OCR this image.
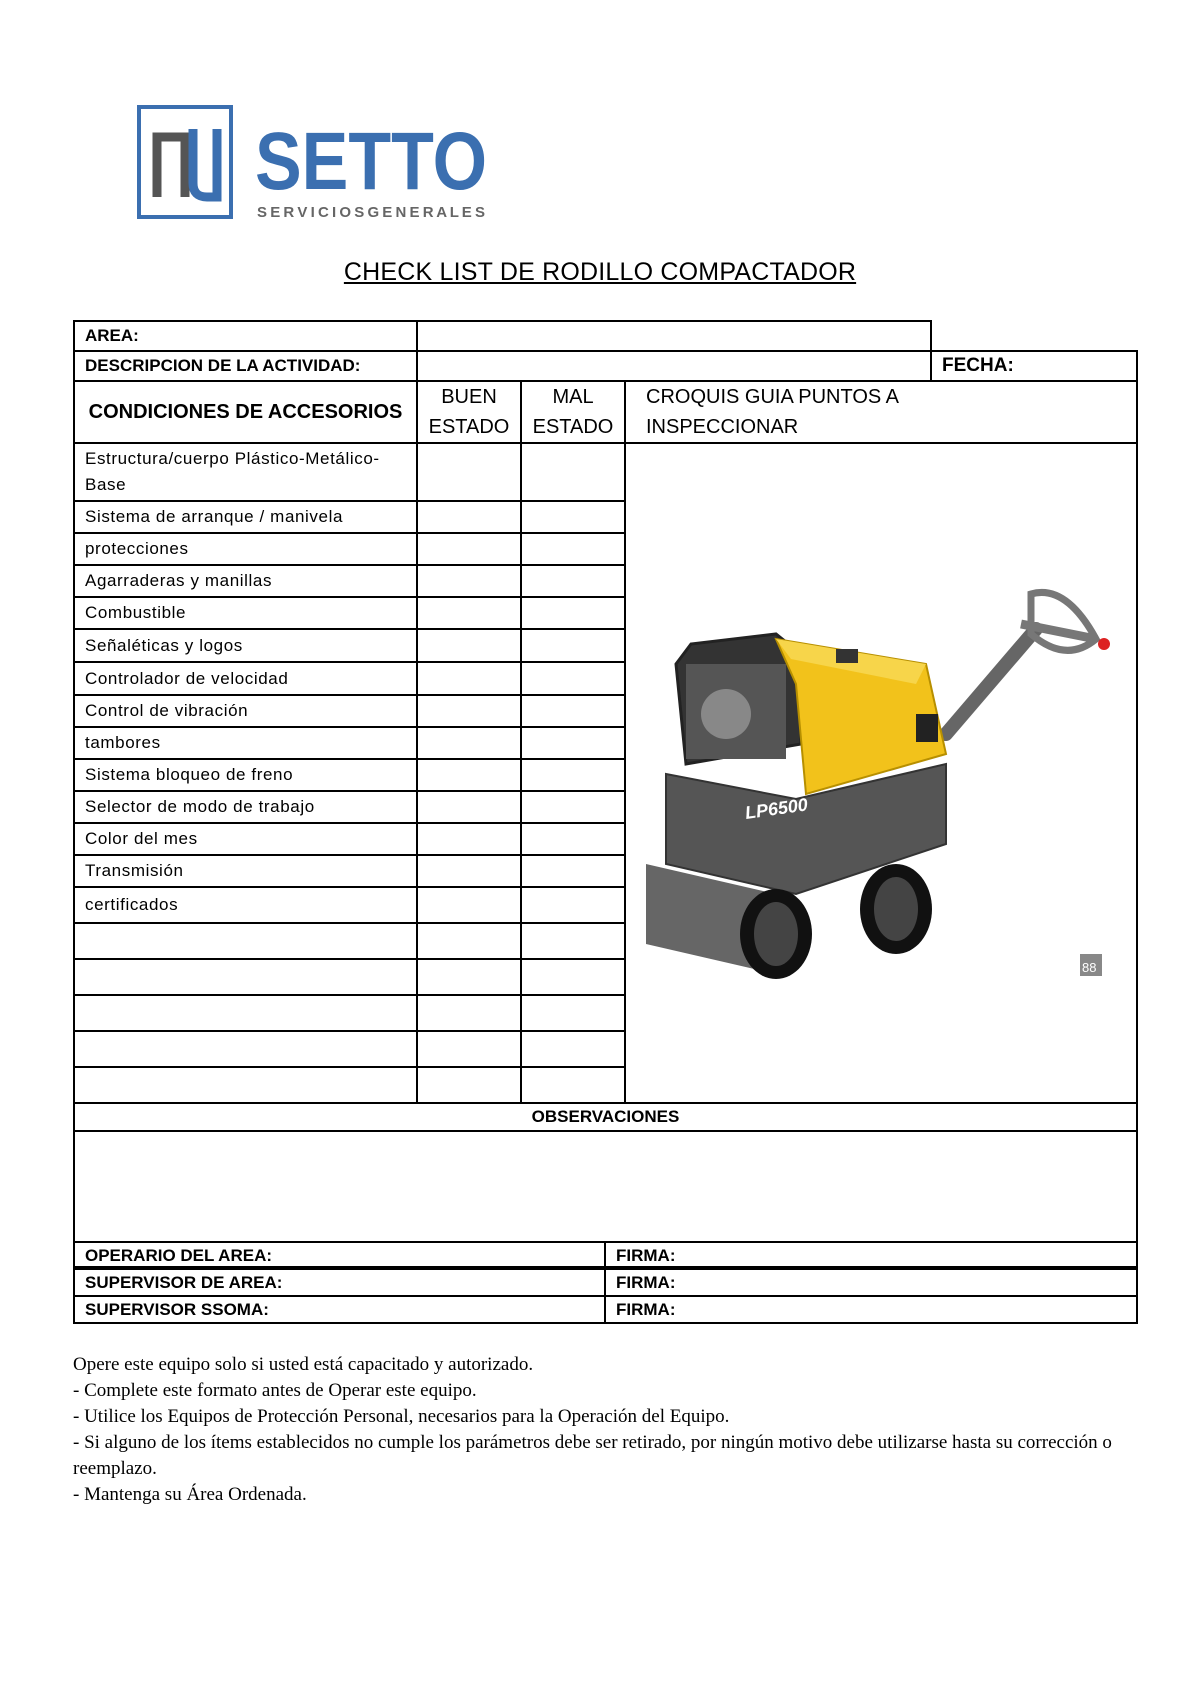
SETTO
S E R V I C I O S G E N E R A L E S
CHECK LIST DE RODILLO COMPACTADOR
AREA:				
DESCRIPCION DE LA ACTIVIDAD:				FECHA:
CONDICIONES DE ACCESORIOS	BUEN ESTADO	MAL ESTADO	CROQUIS GUIA PUNTOS A INSPECCIONAR	
Estructura/cuerpo Plástico-Metálico-Base			LP6500
88	

Sistema de arranque / manivela				
protecciones				
Agarraderas y manillas				
Combustible				
Señaléticas y logos				
Controlador de velocidad				
Control de vibración				
tambores				
Sistema bloqueo de freno				
Selector de modo de trabajo				
Color del mes				
Transmisión				
certificados				

OBSERVACIONES				

OPERARIO DEL AREA:	FIRMA:
SUPERVISOR DE AREA:	FIRMA:
SUPERVISOR SSOMA:	FIRMA:

Opere este equipo solo si usted está capacitado y autorizado.

- Complete este formato antes de Operar este equipo.

- Utilice los Equipos de Protección Personal, necesarios para la Operación del Equipo.

- Si alguno de los ítems establecidos no cumple los parámetros debe ser retirado, por ningún motivo debe utilizarse hasta su corrección o reemplazo.

- Mantenga su Área Ordenada.
